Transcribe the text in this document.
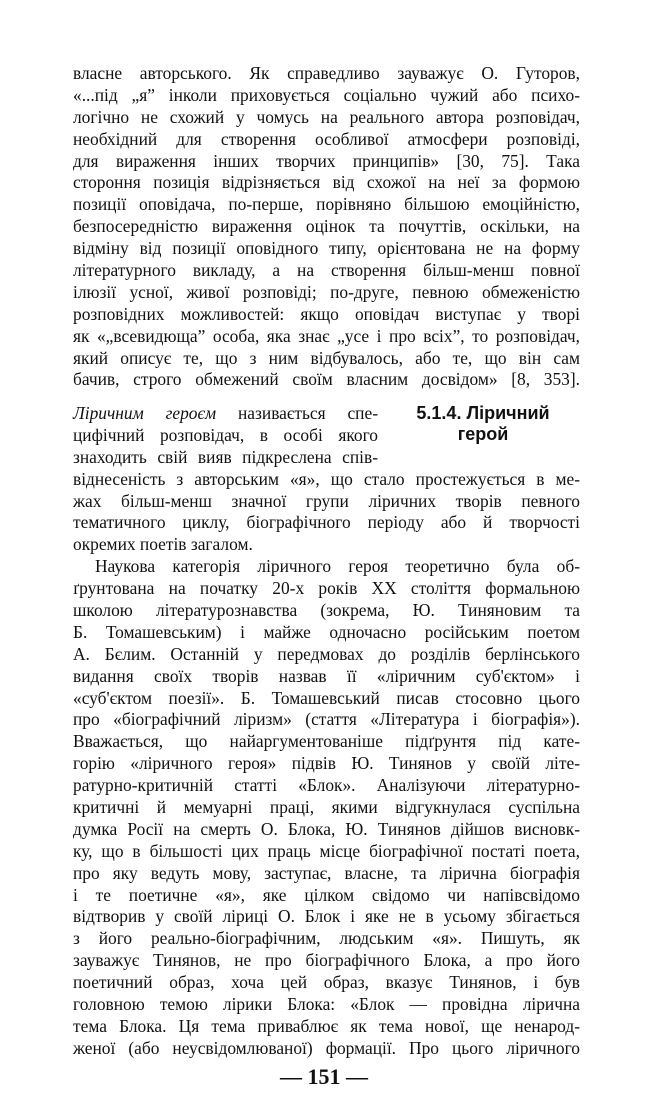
власне авторського. Як справедливо зауважує О. Гуторов,
«...під „я” інколи приховується соціально чужий або психо-
логічно не схожий у чомусь на реального автора розповідач,
необхідний для створення особливої атмосфери розповіді,
для вираження інших творчих принципів» [30, 75]. Така
стороння позиція відрізняється від схожої на неї за формою
позиції оповідача, по-перше, порівняно більшою емоційністю,
безпосередністю вираження оцінок та почуттів, оскільки, на
відміну від позиції оповідного типу, орієнтована не на форму
літературного викладу, а на створення більш-менш повної
ілюзії усної, живої розповіді; по-друге, певною обмеженістю
розповідних можливостей: якщо оповідач виступає у творі
як «„всевидюща” особа, яка знає „усе і про всіх”, то розповідач,
який описує те, що з ним відбувалось, або те, що він сам
бачив, строго обмежений своїм власним досвідом» [8, 353].
5.1.4. Ліричний
герой
Ліричним героєм називається спе-
цифічний розповідач, в особі якого
знаходить свій вияв підкреслена спів-
віднесеність з авторським «я», що стало простежується в ме-
жах більш-менш значної групи ліричних творів певного
тематичного циклу, біографічного періоду або й творчості
окремих поетів загалом.
Наукова категорія ліричного героя теоретично була об-
ґрунтована на початку 20-х років XX століття формальною
школою літературознавства (зокрема, Ю. Тиняновим та
Б. Томашевським) і майже одночасно російським поетом
А. Бєлим. Останній у передмовах до розділів берлінського
видання своїх творів назвав її «ліричним суб'єктом» і
«суб'єктом поезії». Б. Томашевський писав стосовно цього
про «біографічний ліризм» (стаття «Література і біографія»).
Вважається, що найаргументованіше підґрунтя під кате-
горію «ліричного героя» підвів Ю. Тинянов у своїй літе-
ратурно-критичній статті «Блок». Аналізуючи літературно-
критичні й мемуарні праці, якими відгукнулася суспільна
думка Росії на смерть О. Блока, Ю. Тинянов дійшов висновк-
ку, що в більшості цих праць місце біографічної постаті поета,
про яку ведуть мову, заступає, власне, та лірична біографія
і те поетичне «я», яке цілком свідомо чи напівсвідомо
відтворив у своїй ліриці О. Блок і яке не в усьому збігається
з його реально-біографічним, людським «я». Пишуть, як
зауважує Тинянов, не про біографічного Блока, а про його
поетичний образ, хоча цей образ, вказує Тинянов, і був
головною темою лірики Блока: «Блок — провідна лірична
тема Блока. Ця тема приваблює як тема нової, ще ненарод-
женої (або неусвідомлюваної) формації. Про цього ліричного
— 151 —
